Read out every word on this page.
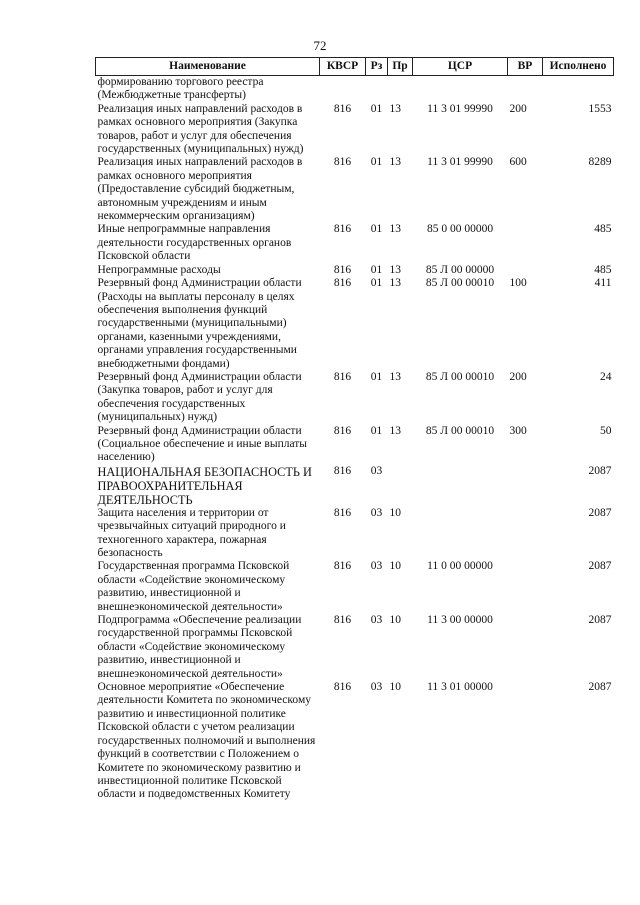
72
Наименование	КВСР	Рз	Пр	ЦСР	ВР	Исполнено
формированию торгового реестра (Межбюджетные трансферты)						
Реализация иных направлений расходов в рамках основного мероприятия (Закупка товаров, работ и услуг для обеспечения государственных (муниципальных) нужд)	816	01	13	11 3 01 99990	200	1553
Реализация иных направлений расходов в рамках основного мероприятия (Предоставление субсидий бюджетным, автономным учреждениям и иным некоммерческим организациям)	816	01	13	11 3 01 99990	600	8289
Иные непрограммные направления деятельности государственных органов Псковской области	816	01	13	85 0 00 00000		485
Непрограммные расходы	816	01	13	85 Л 00 00000		485
Резервный фонд Администрации области (Расходы на выплаты персоналу в целях обеспечения выполнения функций государственными (муниципальными) органами, казенными учреждениями, органами управления государственными внебюджетными фондами)	816	01	13	85 Л 00 00010	100	411
Резервный фонд Администрации области (Закупка товаров, работ и услуг для обеспечения государственных (муниципальных) нужд)	816	01	13	85 Л 00 00010	200	24
Резервный фонд Администрации области (Социальное обеспечение и иные выплаты населению)	816	01	13	85 Л 00 00010	300	50
НАЦИОНАЛЬНАЯ БЕЗОПАСНОСТЬ И ПРАВООХРАНИТЕЛЬНАЯ ДЕЯТЕЛЬНОСТЬ	816	03				2087
Защита населения и территории от чрезвычайных ситуаций природного и техногенного характера, пожарная безопасность	816	03	10			2087
Государственная программа Псковской области «Содействие экономическому развитию, инвестиционной и внешнеэкономической деятельности»	816	03	10	11 0 00 00000		2087
Подпрограмма «Обеспечение реализации государственной программы Псковской области «Содействие экономическому развитию, инвестиционной и внешнеэкономической деятельности»	816	03	10	11 3 00 00000		2087
Основное мероприятие «Обеспечение деятельности Комитета по экономическому развитию и инвестиционной политике Псковской области с учетом реализации государственных полномочий и выполнения функций в соответствии с Положением о Комитете по экономическому развитию и инвестиционной политике Псковской области и подведомственных Комитету	816	03	10	11 3 01 00000		2087
